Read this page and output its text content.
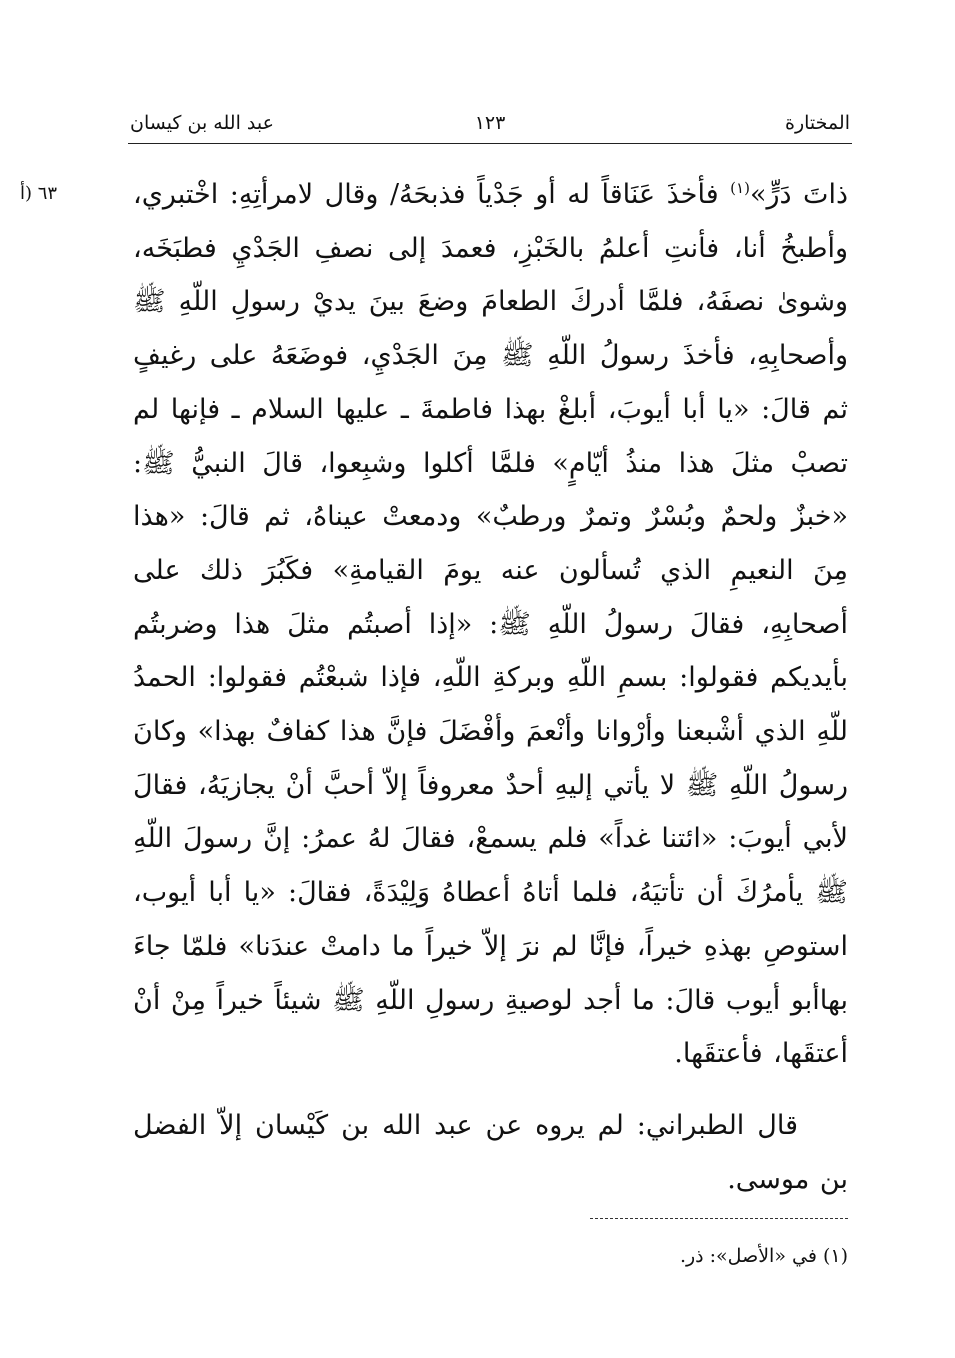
المختارة
١٢٣
عبد الله بن كيسان
٦٣ (أ	ذاتَ دَرٍّ»$^{(١)}$ فأخذَ عَنَاقاً له أو جَدْياً فذبحَهُ/ وقال لامرأتِهِ: اخْتبري، وأطبخُ أنا، فأنتِ أعلمُ بالخَبْزِ، فعمدَ إلى نصفِ الجَدْيِ فطبَخَه، وشوىٰ نصفَهُ، فلمَّا أدركَ الطعامَ وضعَ بينَ يديْ رسولِ اللّهِ ﷺ وأصحابِهِ، فأخذَ رسولُ اللّهِ ﷺ مِنَ الجَدْيِ، فوضَعَهُ على رغيفٍ ثم قالَ: «يا أبا أيوبَ، أبلغْ بهذا فاطمةَ ـ عليها السلام ـ فإنها لم تصبْ مثلَ هذا منذُ أيّامٍ» فلمَّا أكلوا وشبِعوا، قالَ النبيُّ ﷺ: «خبزٌ ولحمٌ وبُسْرٌ وتمرٌ ورطبٌ» ودمعتْ عيناهُ، ثم قالَ: «هذا مِنَ النعيمِ الذي تُسألون عنه يومَ القيامةِ» فكَبُرَ ذلك على أصحابِهِ، فقالَ رسولُ اللّهِ ﷺ: «إذا أصبتُم مثلَ هذا وضربتُم بأيديكم فقولوا: بسمِ اللّهِ وبركةِ اللّهِ، فإذا شبعْتُم فقولوا: الحمدُ للّهِ الذي أشْبعنا وأرْوانا وأنْعمَ وأفْضَلَ فإنَّ هذا كفافٌ بهذا» وكانَ رسولُ اللّهِ ﷺ لا يأتي إليهِ أحدٌ معروفاً إلاّ أحبَّ أنْ يجازيَهُ، فقالَ لأبي أيوبَ: «ائتنا غداً» فلم يسمعْ، فقالَ لهُ عمرُ: إنَّ رسولَ اللّهِ ﷺ يأمرُكَ أن تأتيَهُ، فلما أتاهُ أعطاهُ وَلِيْدَةً، فقالَ: «يا أبا أيوب، استوصِ بهذهِ خيراً، فإنَّا لم نرَ إلاّ خيراً ما دامتْ عندَنا» فلمّا جاءَ بهاأبو أيوب قالَ: ما أجد لوصيةِ رسولِ اللّهِ ﷺ شيئاً خيراً مِنْ أنْ أعتقَها، فأعتقَها.

قال الطبراني: لم يروه عن عبد الله بن كَيْسان إلاّ الفضل بن موسى.

(١) في «الأصل»: ذر.
